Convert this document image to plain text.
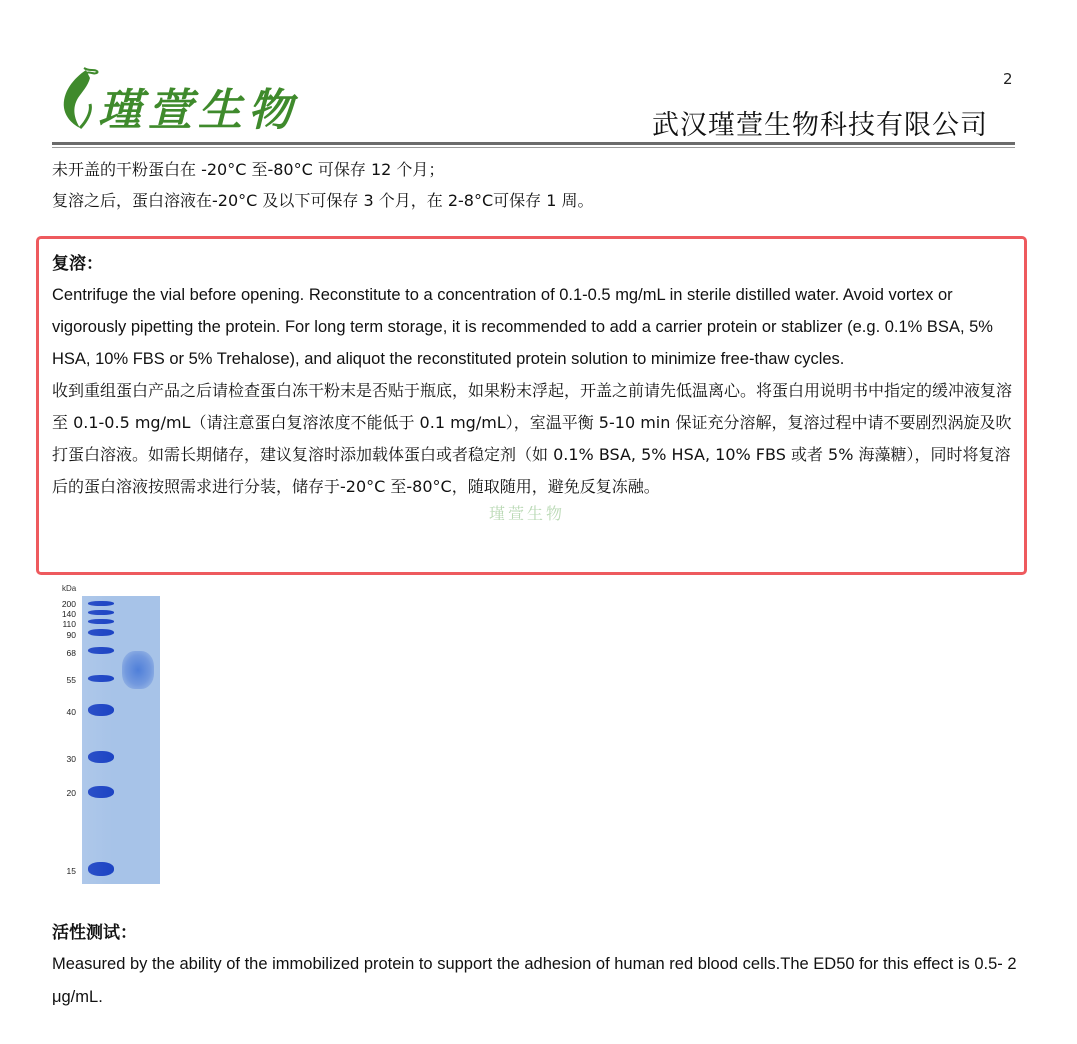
2
瑾萱生物	武汉瑾萱生物科技有限公司

未开盖的干粉蛋白在 -20°C 至-80°C 可保存 12 个月；

复溶之后，蛋白溶液在-20°C 及以下可保存 3 个月，在 2-8°C可保存 1 周。

复溶：

Centrifuge the vial before opening. Reconstitute to a concentration of 0.1-0.5 mg/mL in sterile distilled water. Avoid vortex or vigorously pipetting the protein. For long term storage, it is recommended to add a carrier protein or stablizer (e.g. 0.1% BSA, 5% HSA, 10% FBS or 5% Trehalose), and aliquot the reconstituted protein solution to minimize free-thaw cycles.

收到重组蛋白产品之后请检查蛋白冻干粉末是否贴于瓶底，如果粉末浮起，开盖之前请先低温离心。将蛋白用说明书中指定的缓冲液复溶至 0.1-0.5 mg/mL（请注意蛋白复溶浓度不能低于 0.1 mg/mL），室温平衡 5-10 min 保证充分溶解，复溶过程中请不要剧烈涡旋及吹打蛋白溶液。如需长期储存，建议复溶时添加载体蛋白或者稳定剂（如 0.1% BSA, 5% HSA, 10% FBS 或者 5% 海藻糖），同时将复溶后的蛋白溶液按照需求进行分装，储存于-20°C 至-80°C，随取随用，避免反复冻融。

瑾萱生物
kDa
200
140
110
90
68
55
40
30
20
15

活性测试：

Measured by the ability of the immobilized protein to support the adhesion of human red blood cells.The ED50 for this effect is 0.5- 2 μg/mL.
